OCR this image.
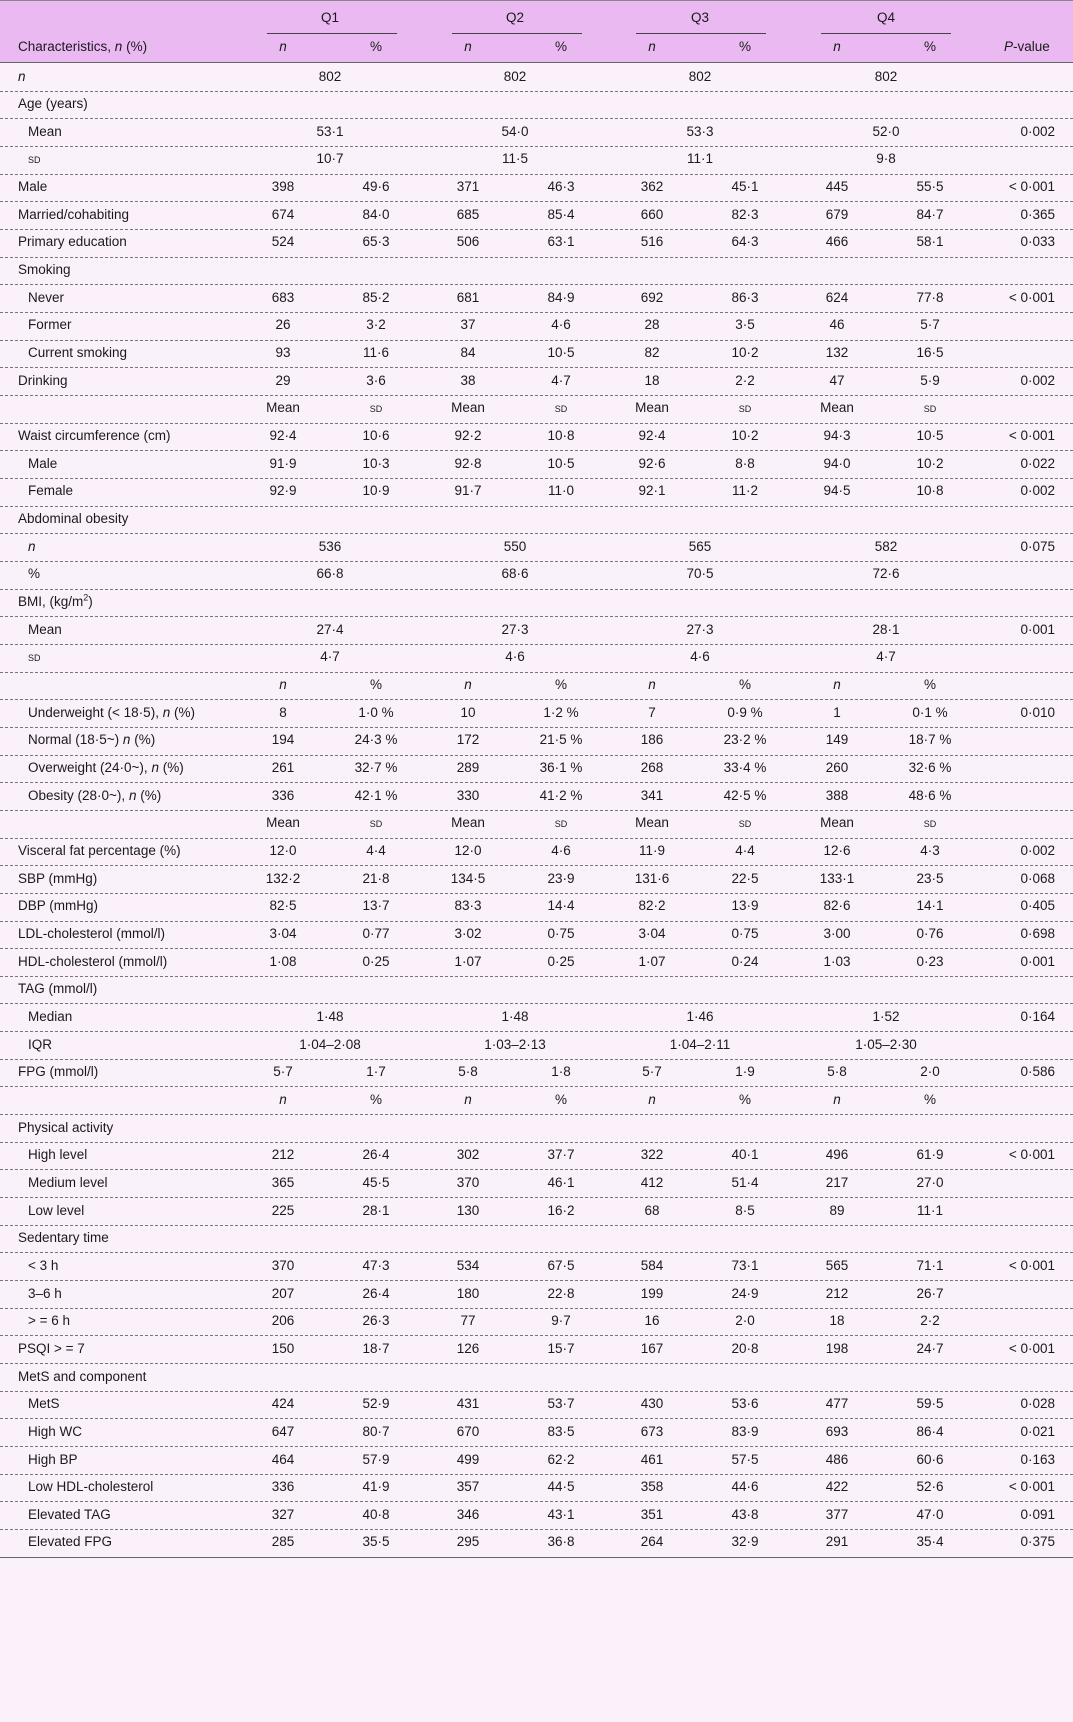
Characteristics, n (%)
Q1	Q2	Q3	Q4
n	%	n	%	n	%	n	%	P-value
n	802	802	802	802
Age (years)
Mean	53·1	54·0	53·3	52·0	0·002
sd	10·7	11·5	11·1	9·8
Male	398	49·6	371	46·3	362	45·1	445	55·5	< 0·001
Married/cohabiting	674	84·0	685	85·4	660	82·3	679	84·7	0·365
Primary education	524	65·3	506	63·1	516	64·3	466	58·1	0·033
Smoking
Never	683	85·2	681	84·9	692	86·3	624	77·8	< 0·001
Former	26	3·2	37	4·6	28	3·5	46	5·7
Current smoking	93	11·6	84	10·5	82	10·2	132	16·5
Drinking	29	3·6	38	4·7	18	2·2	47	5·9	0·002
Mean	sd	Mean	sd	Mean	sd	Mean	sd
Waist circumference (cm)	92·4	10·6	92·2	10·8	92·4	10·2	94·3	10·5	< 0·001
Male	91·9	10·3	92·8	10·5	92·6	8·8	94·0	10·2	0·022
Female	92·9	10·9	91·7	11·0	92·1	11·2	94·5	10·8	0·002
Abdominal obesity
n	536	550	565	582	0·075
%	66·8	68·6	70·5	72·6
BMI, $(kg/m^2)$
Mean	27·4	27·3	27·3	28·1	0·001
sd	4·7	4·6	4·6	4·7
n	%	n	%	n	%	n	%
Underweight (< 18·5), n (%)	8	1·0 %	10	1·2 %	7	0·9 %	1	0·1 %	0·010
Normal (18·5~) n (%)	194	24·3 %	172	21·5 %	186	23·2 %	149	18·7 %
Overweight (24·0~), n (%)	261	32·7 %	289	36·1 %	268	33·4 %	260	32·6 %
Obesity (28·0~), n (%)	336	42·1 %	330	41·2 %	341	42·5 %	388	48·6 %
Mean	sd	Mean	sd	Mean	sd	Mean	sd
Visceral fat percentage (%)	12·0	4·4	12·0	4·6	11·9	4·4	12·6	4·3	0·002
SBP (mmHg)	132·2	21·8	134·5	23·9	131·6	22·5	133·1	23·5	0·068
DBP (mmHg)	82·5	13·7	83·3	14·4	82·2	13·9	82·6	14·1	0·405
LDL-cholesterol (mmol/l)	3·04	0·77	3·02	0·75	3·04	0·75	3·00	0·76	0·698
HDL-cholesterol (mmol/l)	1·08	0·25	1·07	0·25	1·07	0·24	1·03	0·23	0·001
TAG (mmol/l)
Median	1·48	1·48	1·46	1·52	0·164
IQR	1·04–2·08	1·03–2·13	1·04–2·11	1·05–2·30
FPG (mmol/l)	5·7	1·7	5·8	1·8	5·7	1·9	5·8	2·0	0·586
n	%	n	%	n	%	n	%
Physical activity
High level	212	26·4	302	37·7	322	40·1	496	61·9	< 0·001
Medium level	365	45·5	370	46·1	412	51·4	217	27·0
Low level	225	28·1	130	16·2	68	8·5	89	11·1
Sedentary time
< 3 h	370	47·3	534	67·5	584	73·1	565	71·1	< 0·001
3–6 h	207	26·4	180	22·8	199	24·9	212	26·7
> = 6 h	206	26·3	77	9·7	16	2·0	18	2·2
PSQI > = 7	150	18·7	126	15·7	167	20·8	198	24·7	< 0·001
MetS and component
MetS	424	52·9	431	53·7	430	53·6	477	59·5	0·028
High WC	647	80·7	670	83·5	673	83·9	693	86·4	0·021
High BP	464	57·9	499	62·2	461	57·5	486	60·6	0·163
Low HDL-cholesterol	336	41·9	357	44·5	358	44·6	422	52·6	< 0·001
Elevated TAG	327	40·8	346	43·1	351	43·8	377	47·0	0·091
Elevated FPG	285	35·5	295	36·8	264	32·9	291	35·4	0·375
